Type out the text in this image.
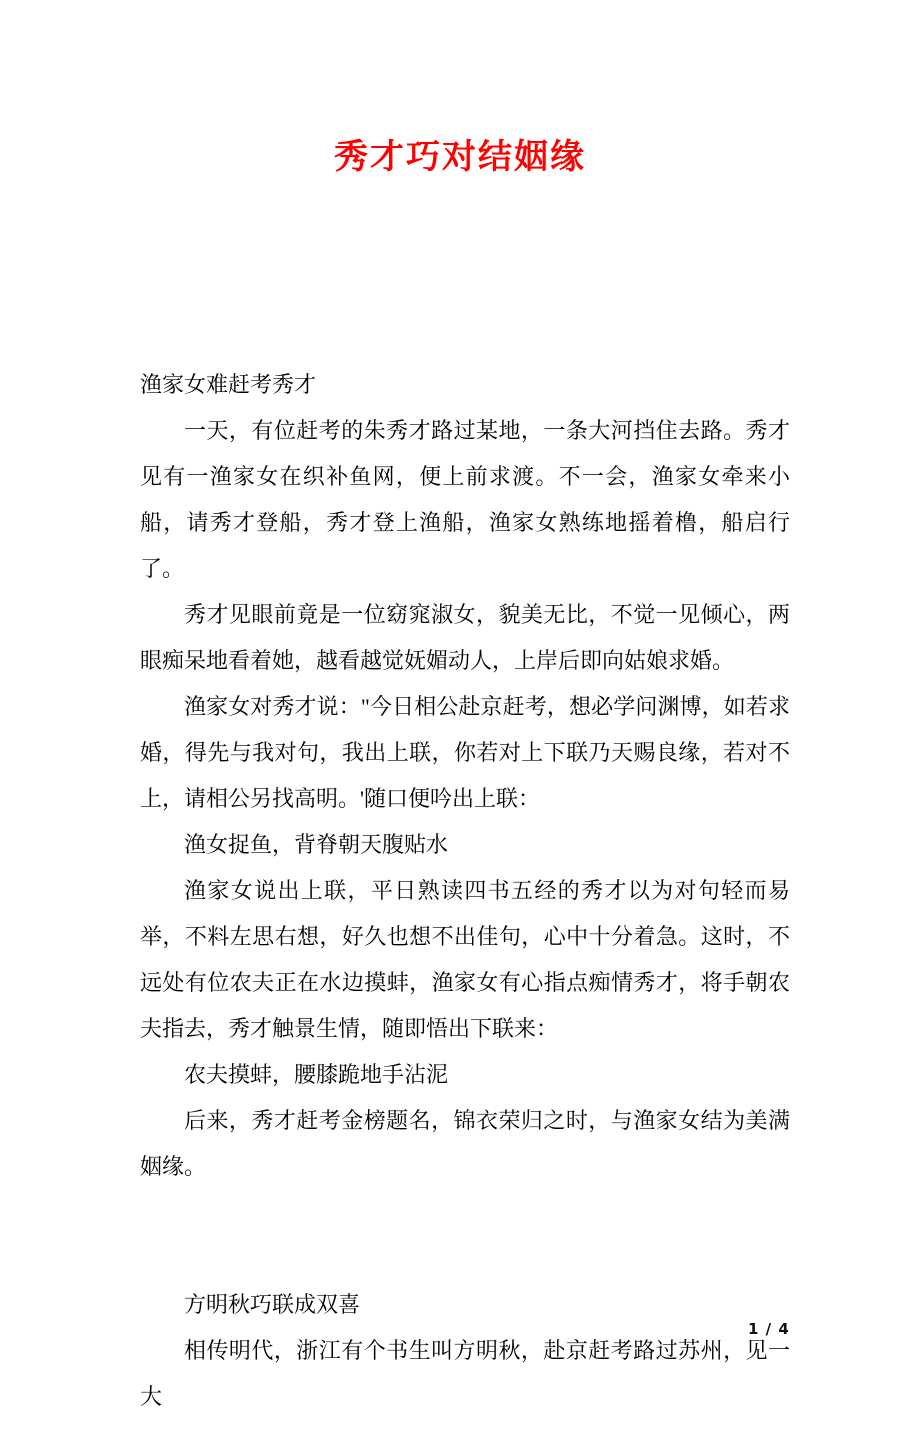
秀才巧对结姻缘

渔家女难赶考秀才

一天，有位赶考的朱秀才路过某地，一条大河挡住去路。秀才见有一渔家女在织补鱼网，便上前求渡。不一会，渔家女牵来小船，请秀才登船，秀才登上渔船，渔家女熟练地摇着橹，船启行了。

秀才见眼前竟是一位窈窕淑女，貌美无比，不觉一见倾心，两眼痴呆地看着她，越看越觉妩媚动人，上岸后即向姑娘求婚。

渔家女对秀才说："今日相公赴京赶考，想必学问渊博，如若求婚，得先与我对句，我出上联，你若对上下联乃天赐良缘，若对不上，请相公另找高明。'随口便吟出上联：

渔女捉鱼，背脊朝天腹贴水

渔家女说出上联，平日熟读四书五经的秀才以为对句轻而易举，不料左思右想，好久也想不出佳句，心中十分着急。这时，不远处有位农夫正在水边摸蚌，渔家女有心指点痴情秀才，将手朝农夫指去，秀才触景生情，随即悟出下联来：

农夫摸蚌，腰膝跪地手沾泥

后来，秀才赶考金榜题名，锦衣荣归之时，与渔家女结为美满姻缘。

方明秋巧联成双喜

相传明代，浙江有个书生叫方明秋，赴京赶考路过苏州，见一大

1 / 4
